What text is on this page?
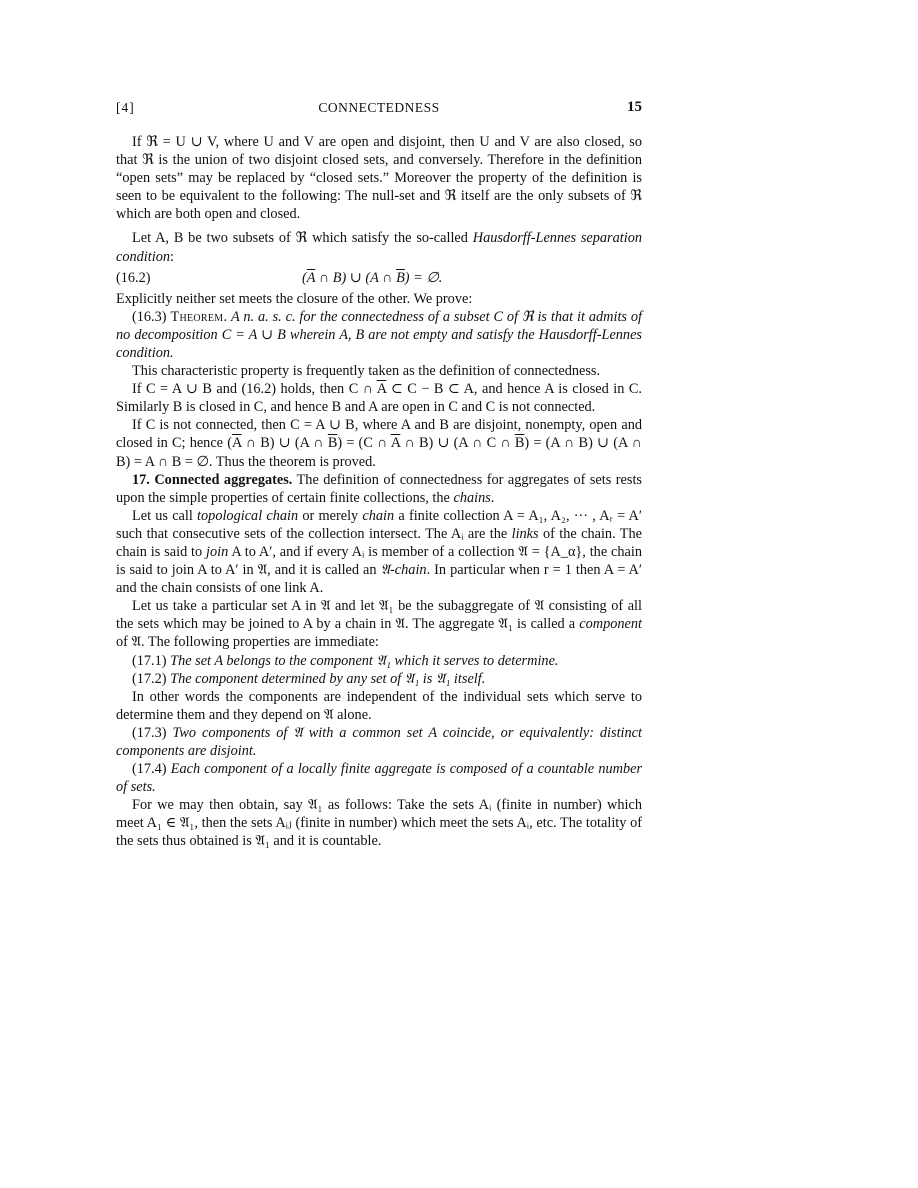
[4]	CONNECTEDNESS	15

If ℜ = U ∪ V, where U and V are open and disjoint, then U and V are also closed, so that ℜ is the union of two disjoint closed sets, and conversely. Therefore in the definition “open sets” may be replaced by “closed sets.” Moreover the property of the definition is seen to be equivalent to the following: The null-set and ℜ itself are the only subsets of ℜ which are both open and closed.

Let A, B be two subsets of ℜ which satisfy the so-called Hausdorff-Lennes separation condition:

(16.2)	($\overline{A}$ ∩ B) ∪ (A ∩ $\overline{B}$) = ∅.

Explicitly neither set meets the closure of the other. We prove:

(16.3) Theorem. A n. a. s. c. for the connectedness of a subset C of ℜ is that it admits of no decomposition C = A ∪ B wherein A, B are not empty and satisfy the Hausdorff-Lennes condition.

This characteristic property is frequently taken as the definition of connectedness.

If C = A ∪ B and (16.2) holds, then C ∩ $\overline{A}$ ⊂ C − B ⊂ A, and hence A is closed in C. Similarly B is closed in C, and hence B and A are open in C and C is not connected.

If C is not connected, then C = A ∪ B, where A and B are disjoint, nonempty, open and closed in C; hence ($\overline{A}$ ∩ B) ∪ (A ∩ $\overline{B}) = (C$ ∩ $\overline{A}$ ∩ B) ∪ (A ∩ C ∩ $\overline{B}) = (A$ ∩ B) ∪ (A ∩ B) = A ∩ B = ∅. Thus the theorem is proved.

17. Connected aggregates. The definition of connectedness for aggregates of sets rests upon the simple properties of certain finite collections, the chains.

Let us call topological chain or merely chain a finite collection A = A₁, A₂, ··· , Aᵣ = A′ such that consecutive sets of the collection intersect. The Aᵢ are the links of the chain. The chain is said to join A to A′, and if every Aᵢ is member of a collection 𝔄 = {A_α}, the chain is said to join A to A′ in 𝔄, and it is called an 𝔄-chain. In particular when r = 1 then A = A′ and the chain consists of one link A.

Let us take a particular set A in 𝔄 and let 𝔄₁ be the subaggregate of 𝔄 consisting of all the sets which may be joined to A by a chain in 𝔄. The aggregate 𝔄₁ is called a component of 𝔄. The following properties are immediate:

(17.1) The set A belongs to the component 𝔄₁ which it serves to determine.

(17.2) The component determined by any set of 𝔄₁ is 𝔄₁ itself.

In other words the components are independent of the individual sets which serve to determine them and they depend on 𝔄 alone.

(17.3) Two components of 𝔄 with a common set A coincide, or equivalently: distinct components are disjoint.

(17.4) Each component of a locally finite aggregate is composed of a countable number of sets.

For we may then obtain, say 𝔄₁ as follows: Take the sets Aᵢ (finite in number) which meet A₁ ∈ 𝔄₁, then the sets Aᵢⱼ (finite in number) which meet the sets Aᵢ, etc. The totality of the sets thus obtained is 𝔄₁ and it is countable.
